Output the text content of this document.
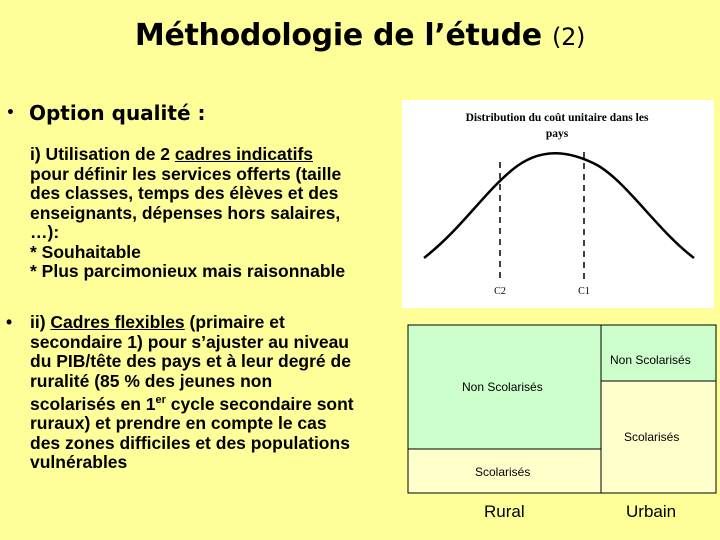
Méthodologie de l’étude (2)
• Option qualité :
i) Utilisation de 2 cadres indicatifs
pour définir les services offerts (taille
des classes, temps des élèves et des
enseignants, dépenses hors salaires,
…):
* Souhaitable
* Plus parcimonieux mais raisonnable
•	ii) Cadres flexibles (primaire et
secondaire 1) pour s’ajuster au niveau
du PIB/tête des pays et à leur degré de
ruralité (85 % des jeunes non
scolarisés en 1er cycle secondaire sont
ruraux) et prendre en compte le cas
des zones difficiles et des populations
vulnérables
Distribution du coût unitaire dans les
pays
C2	C1
Non Scolarisés
Scolarisés
Non Scolarisés
Scolarisés
Rural	Urbain
